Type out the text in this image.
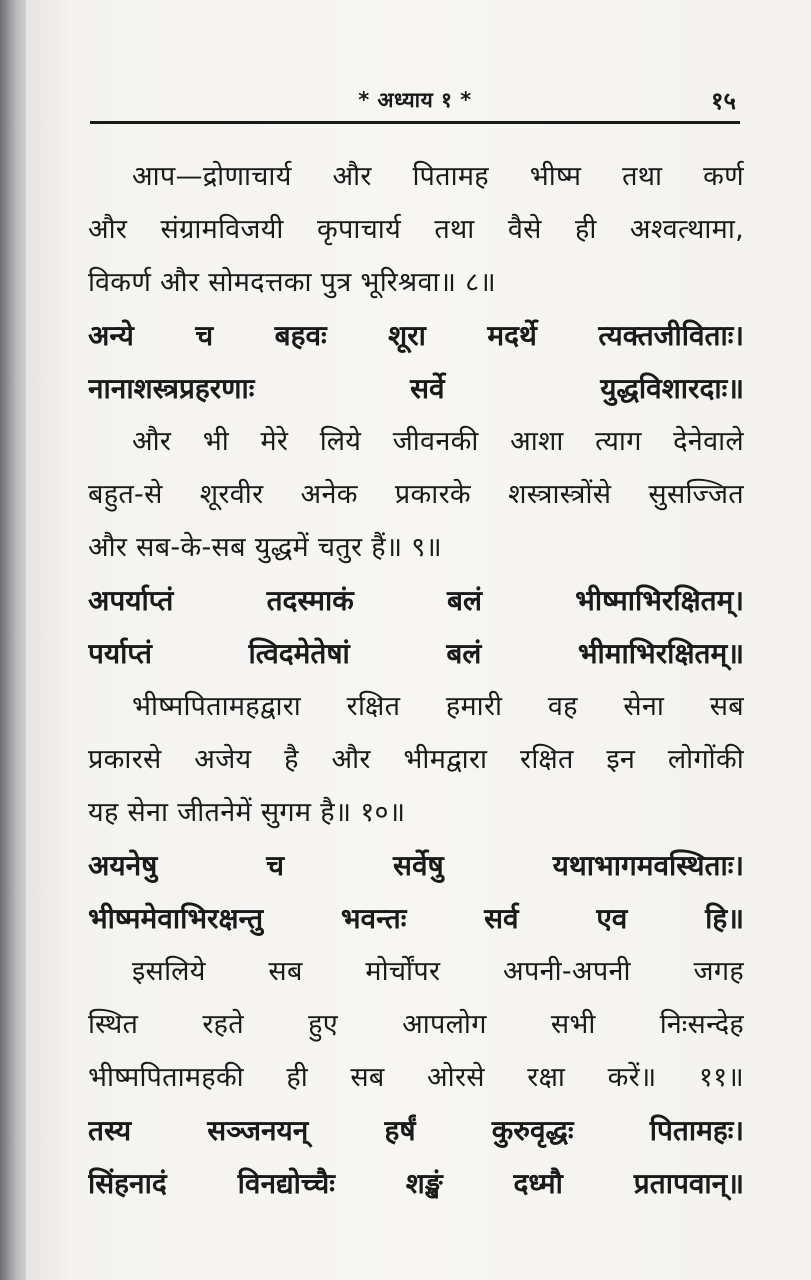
* अध्याय १ *	१५
आप—द्रोणाचार्य और पितामह भीष्म तथा कर्ण
और संग्रामविजयी कृपाचार्य तथा वैसे ही अश्वत्थामा,
विकर्ण और सोमदत्तका पुत्र भूरिश्रवा॥ ८॥
अन्ये च बहवः शूरा मदर्थे त्यक्तजीविताः।
नानाशस्त्रप्रहरणाः सर्वे युद्धविशारदाः॥
और भी मेरे लिये जीवनकी आशा त्याग देनेवाले
बहुत-से शूरवीर अनेक प्रकारके शस्त्रास्त्रोंसे सुसज्जित
और सब-के-सब युद्धमें चतुर हैं॥ ९॥
अपर्याप्तं तदस्माकं बलं भीष्माभिरक्षितम्।
पर्याप्तं त्विदमेतेषां बलं भीमाभिरक्षितम्॥
भीष्मपितामहद्वारा रक्षित हमारी वह सेना सब
प्रकारसे अजेय है और भीमद्वारा रक्षित इन लोगोंकी
यह सेना जीतनेमें सुगम है॥ १०॥
अयनेषु च सर्वेषु यथाभागमवस्थिताः।
भीष्ममेवाभिरक्षन्तु भवन्तः सर्व एव हि॥
इसलिये सब मोर्चोंपर अपनी-अपनी जगह
स्थित रहते हुए आपलोग सभी निःसन्देह
भीष्मपितामहकी ही सब ओरसे रक्षा करें॥ ११॥
तस्य सञ्जनयन् हर्षं कुरुवृद्धः पितामहः।
सिंहनादं विनद्योच्चैः शङ्खं दध्मौ प्रतापवान्॥
